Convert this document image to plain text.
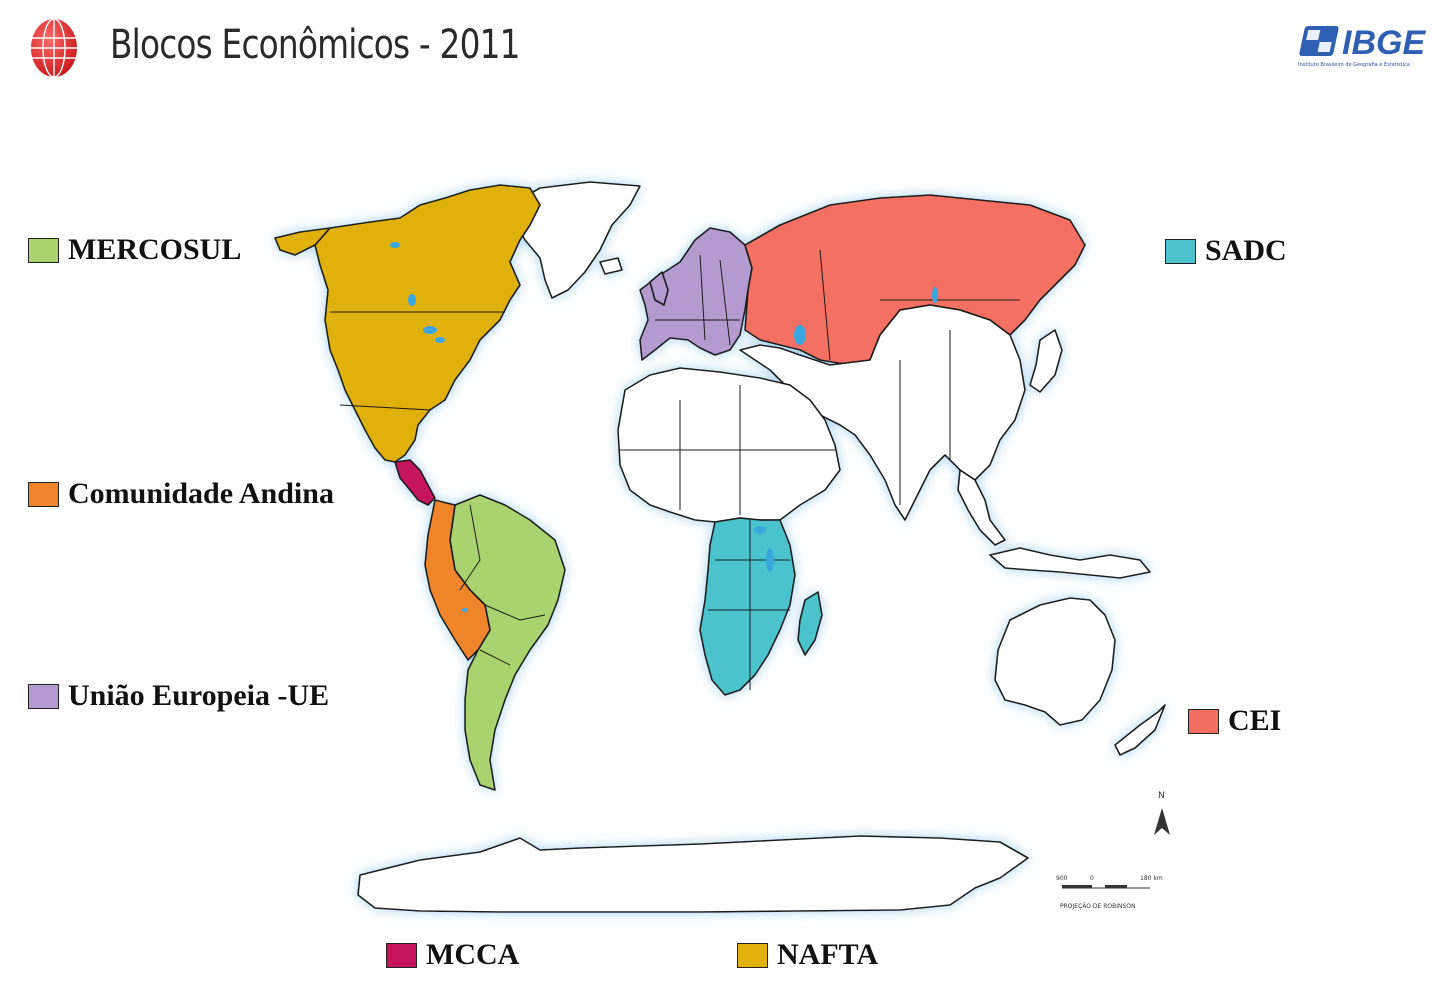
Blocos Econômicos - 2011	IBGE
Instituto Brasileiro de Geografia e Estatística
N
900	0	180 km
PROJEÇÃO DE ROBINSON
MERCOSUL
Comunidade Andina
União Europeia -UE
SADC
CEI
MCCA	NAFTA
